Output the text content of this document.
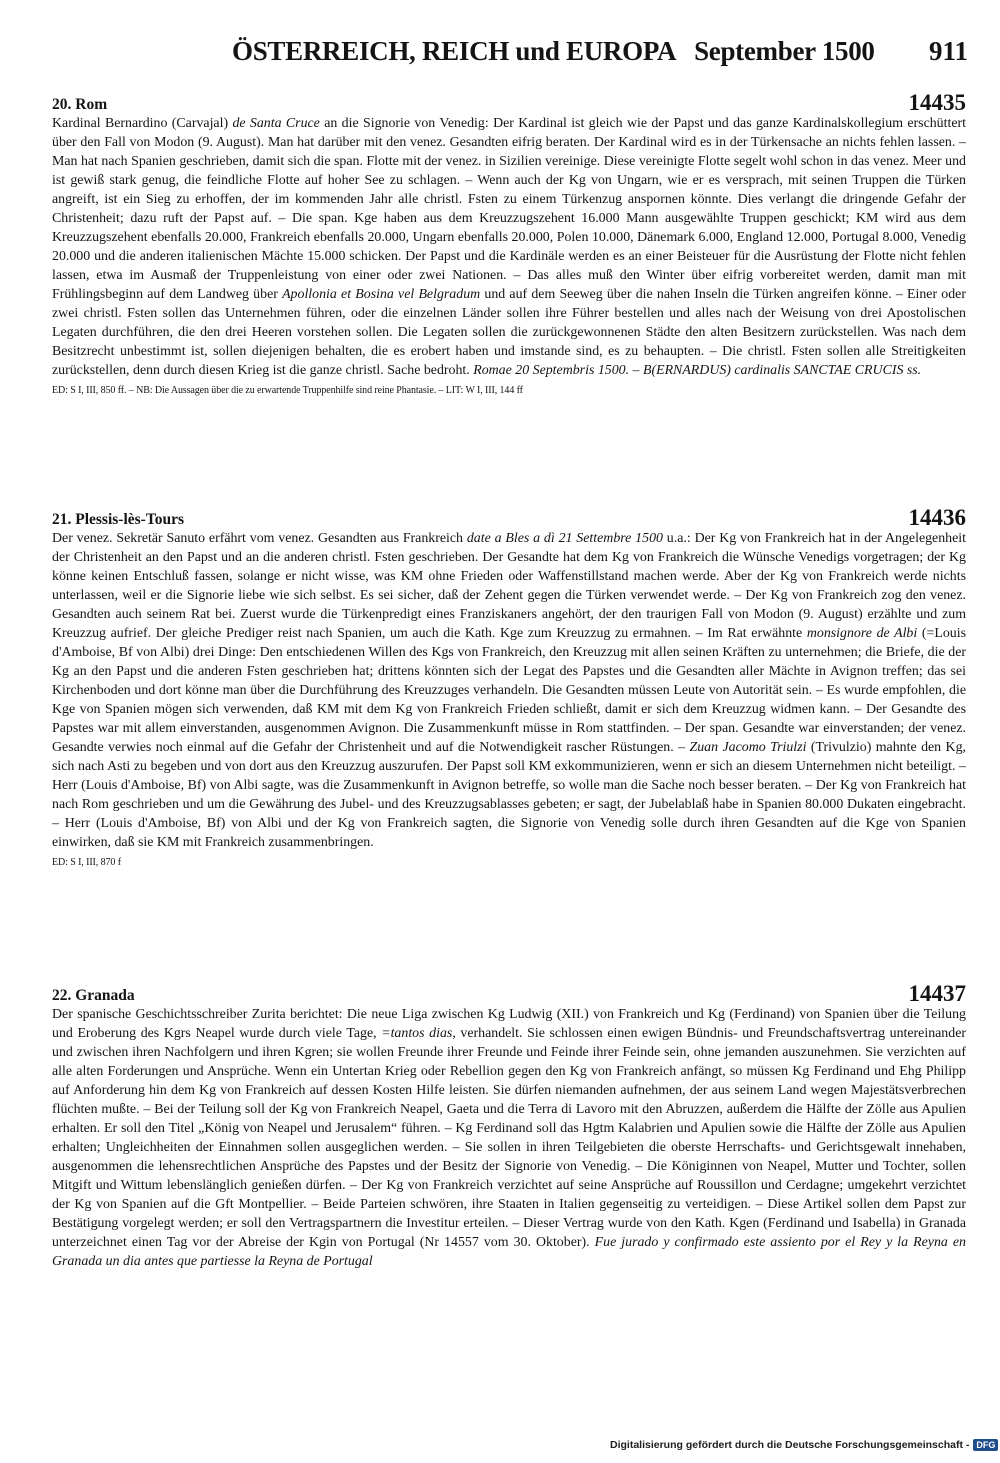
ÖSTERREICH, REICH und EUROPA   September 1500 911
20. Rom	14435

Kardinal Bernardino (Carvajal) de Santa Cruce an die Signorie von Venedig: Der Kardinal ist gleich wie der Papst und das ganze Kardinalskollegium erschüttert über den Fall von Modon (9. August). Man hat darüber mit den venez. Gesandten eifrig beraten. Der Kardinal wird es in der Türkensache an nichts fehlen lassen. – Man hat nach Spanien geschrieben, damit sich die span. Flotte mit der venez. in Sizilien vereinige. Diese vereinigte Flotte segelt wohl schon in das venez. Meer und ist gewiß stark genug, die feindliche Flotte auf hoher See zu schlagen. – Wenn auch der Kg von Ungarn, wie er es versprach, mit seinen Truppen die Türken angreift, ist ein Sieg zu erhoffen, der im kommenden Jahr alle christl. Fsten zu einem Türkenzug anspornen könnte. Dies verlangt die dringende Gefahr der Christenheit; dazu ruft der Papst auf. – Die span. Kge haben aus dem Kreuzzugszehent 16.000 Mann ausgewählte Truppen geschickt; KM wird aus dem Kreuzzugszehent ebenfalls 20.000, Frankreich ebenfalls 20.000, Ungarn ebenfalls 20.000, Polen 10.000, Dänemark 6.000, England 12.000, Portugal 8.000, Venedig 20.000 und die anderen italienischen Mächte 15.000 schicken. Der Papst und die Kardinäle werden es an einer Beisteuer für die Ausrüstung der Flotte nicht fehlen lassen, etwa im Ausmaß der Truppenleistung von einer oder zwei Nationen. – Das alles muß den Winter über eifrig vorbereitet werden, damit man mit Frühlingsbeginn auf dem Landweg über Apollonia et Bosina vel Belgradum und auf dem Seeweg über die nahen Inseln die Türken angreifen könne. – Einer oder zwei christl. Fsten sollen das Unternehmen führen, oder die einzelnen Länder sollen ihre Führer bestellen und alles nach der Weisung von drei Apostolischen Legaten durchführen, die den drei Heeren vorstehen sollen. Die Legaten sollen die zurückgewonnenen Städte den alten Besitzern zurückstellen. Was nach dem Besitzrecht unbestimmt ist, sollen diejenigen behalten, die es erobert haben und imstande sind, es zu behaupten. – Die christl. Fsten sollen alle Streitigkeiten zurückstellen, denn durch diesen Krieg ist die ganze christl. Sache bedroht. Romae 20 Septembris 1500. – B(ERNARDUS) cardinalis SANCTAE CRUCIS ss.

ED: S I, III, 850 ff. – NB: Die Aussagen über die zu erwartende Truppenhilfe sind reine Phantasie. – LIT: W I, III, 144 ff

21. Plessis-lès-Tours	14436

Der venez. Sekretär Sanuto erfährt vom venez. Gesandten aus Frankreich date a Bles a dì 21 Settembre 1500 u.a.: Der Kg von Frankreich hat in der Angelegenheit der Christenheit an den Papst und an die anderen christl. Fsten geschrieben. Der Gesandte hat dem Kg von Frankreich die Wünsche Venedigs vorgetragen; der Kg könne keinen Entschluß fassen, solange er nicht wisse, was KM ohne Frieden oder Waffenstillstand machen werde. Aber der Kg von Frankreich werde nichts unterlassen, weil er die Signorie liebe wie sich selbst. Es sei sicher, daß der Zehent gegen die Türken verwendet werde. – Der Kg von Frankreich zog den venez. Gesandten auch seinem Rat bei. Zuerst wurde die Türkenpredigt eines Franziskaners angehört, der den traurigen Fall von Modon (9. August) erzählte und zum Kreuzzug aufrief. Der gleiche Prediger reist nach Spanien, um auch die Kath. Kge zum Kreuzzug zu ermahnen. – Im Rat erwähnte monsignore de Albi (=Louis d'Amboise, Bf von Albi) drei Dinge: Den entschiedenen Willen des Kgs von Frankreich, den Kreuzzug mit allen seinen Kräften zu unternehmen; die Briefe, die der Kg an den Papst und die anderen Fsten geschrieben hat; drittens könnten sich der Legat des Papstes und die Gesandten aller Mächte in Avignon treffen; das sei Kirchenboden und dort könne man über die Durchführung des Kreuzzuges verhandeln. Die Gesandten müssen Leute von Autorität sein. – Es wurde empfohlen, die Kge von Spanien mögen sich verwenden, daß KM mit dem Kg von Frankreich Frieden schließt, damit er sich dem Kreuzzug widmen kann. – Der Gesandte des Papstes war mit allem einverstanden, ausgenommen Avignon. Die Zusammenkunft müsse in Rom stattfinden. – Der span. Gesandte war einverstanden; der venez. Gesandte verwies noch einmal auf die Gefahr der Christenheit und auf die Notwendigkeit rascher Rüstungen. – Zuan Jacomo Triulzi (Trivulzio) mahnte den Kg, sich nach Asti zu begeben und von dort aus den Kreuzzug auszurufen. Der Papst soll KM exkommunizieren, wenn er sich an diesem Unternehmen nicht beteiligt. – Herr (Louis d'Amboise, Bf) von Albi sagte, was die Zusammenkunft in Avignon betreffe, so wolle man die Sache noch besser beraten. – Der Kg von Frankreich hat nach Rom geschrieben und um die Gewährung des Jubel- und des Kreuzzugsablasses gebeten; er sagt, der Jubelablaß habe in Spanien 80.000 Dukaten eingebracht. – Herr (Louis d'Amboise, Bf) von Albi und der Kg von Frankreich sagten, die Signorie von Venedig solle durch ihren Gesandten auf die Kge von Spanien einwirken, daß sie KM mit Frankreich zusammenbringen.

ED: S I, III, 870 f

22. Granada	14437

Der spanische Geschichtsschreiber Zurita berichtet: Die neue Liga zwischen Kg Ludwig (XII.) von Frankreich und Kg (Ferdinand) von Spanien über die Teilung und Eroberung des Kgrs Neapel wurde durch viele Tage, =tantos dias, verhandelt. Sie schlossen einen ewigen Bündnis- und Freundschaftsvertrag untereinander und zwischen ihren Nachfolgern und ihren Kgren; sie wollen Freunde ihrer Freunde und Feinde ihrer Feinde sein, ohne jemanden auszunehmen. Sie verzichten auf alle alten Forderungen und Ansprüche. Wenn ein Untertan Krieg oder Rebellion gegen den Kg von Frankreich anfängt, so müssen Kg Ferdinand und Ehg Philipp auf Anforderung hin dem Kg von Frankreich auf dessen Kosten Hilfe leisten. Sie dürfen niemanden aufnehmen, der aus seinem Land wegen Majestätsverbrechen flüchten mußte. – Bei der Teilung soll der Kg von Frankreich Neapel, Gaeta und die Terra di Lavoro mit den Abruzzen, außerdem die Hälfte der Zölle aus Apulien erhalten. Er soll den Titel „König von Neapel und Jerusalem“ führen. – Kg Ferdinand soll das Hgtm Kalabrien und Apulien sowie die Hälfte der Zölle aus Apulien erhalten; Ungleichheiten der Einnahmen sollen ausgeglichen werden. – Sie sollen in ihren Teilgebieten die oberste Herrschafts- und Gerichtsgewalt innehaben, ausgenommen die lehensrechtlichen Ansprüche des Papstes und der Besitz der Signorie von Venedig. – Die Königinnen von Neapel, Mutter und Tochter, sollen Mitgift und Wittum lebenslänglich genießen dürfen. – Der Kg von Frankreich verzichtet auf seine Ansprüche auf Roussillon und Cerdagne; umgekehrt verzichtet der Kg von Spanien auf die Gft Montpellier. – Beide Parteien schwören, ihre Staaten in Italien gegenseitig zu verteidigen. – Diese Artikel sollen dem Papst zur Bestätigung vorgelegt werden; er soll den Vertragspartnern die Investitur erteilen. – Dieser Vertrag wurde von den Kath. Kgen (Ferdinand und Isabella) in Granada unterzeichnet einen Tag vor der Abreise der Kgin von Portugal (Nr 14557 vom 30. Oktober). Fue jurado y confirmado este assiento por el Rey y la Reyna en Granada un dia antes que partiesse la Reyna de Portugal

Digitalisierung gefördert durch die Deutsche Forschungsgemeinschaft - DFG
